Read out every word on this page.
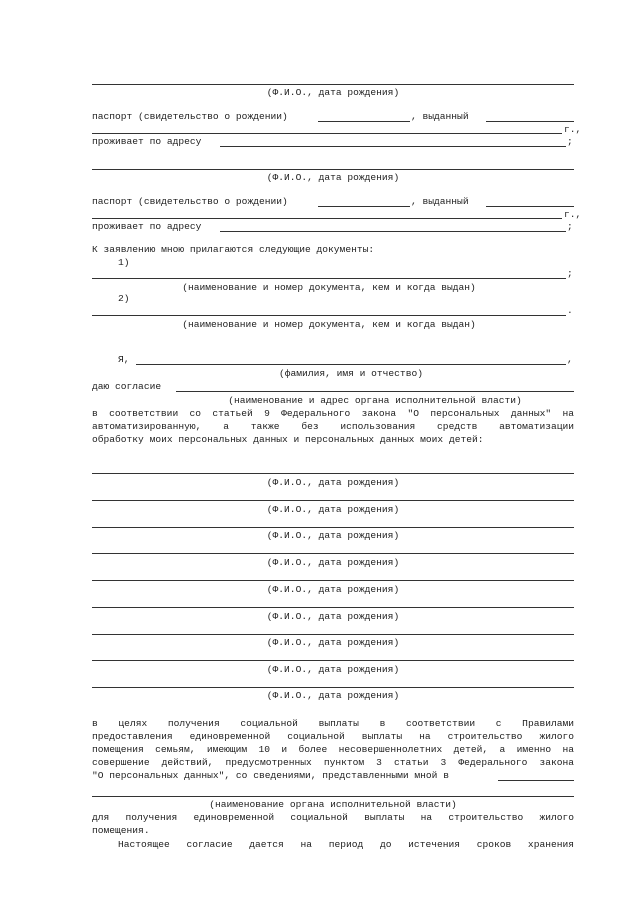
(Ф.И.О., дата рождения)
паспорт (свидетельство о рождении)	, выданный
г.,
проживает по адресу	;
(Ф.И.О., дата рождения)
паспорт (свидетельство о рождении)	, выданный
г.,
проживает по адресу	;
К заявлению мною прилагаются следующие документы:
1)
;
(наименование и номер документа, кем и когда выдан)
2)
.
(наименование и номер документа, кем и когда выдан)
Я,	,
(фамилия, имя и отчество)
даю согласие
(наименование и адрес органа исполнительной власти)
в соответствии со статьей 9 Федерального закона "О персональных данных" на
автоматизированную, а также без использования средств автоматизации
обработку моих персональных данных и персональных данных моих детей:
(Ф.И.О., дата рождения)
(Ф.И.О., дата рождения)
(Ф.И.О., дата рождения)
(Ф.И.О., дата рождения)
(Ф.И.О., дата рождения)
(Ф.И.О., дата рождения)
(Ф.И.О., дата рождения)
(Ф.И.О., дата рождения)
(Ф.И.О., дата рождения)
в целях получения социальной выплаты в соответствии с Правилами
предоставления единовременной социальной выплаты на строительство жилого
помещения семьям, имеющим 10 и более несовершеннолетних детей, а именно на
совершение действий, предусмотренных пунктом 3 статьи 3 Федерального закона
"О персональных данных", со сведениями, представленными мной в
(наименование органа исполнительной власти)
для получения единовременной социальной выплаты на строительство жилого
помещения.
Настоящее согласие дается на период до истечения сроков хранения
